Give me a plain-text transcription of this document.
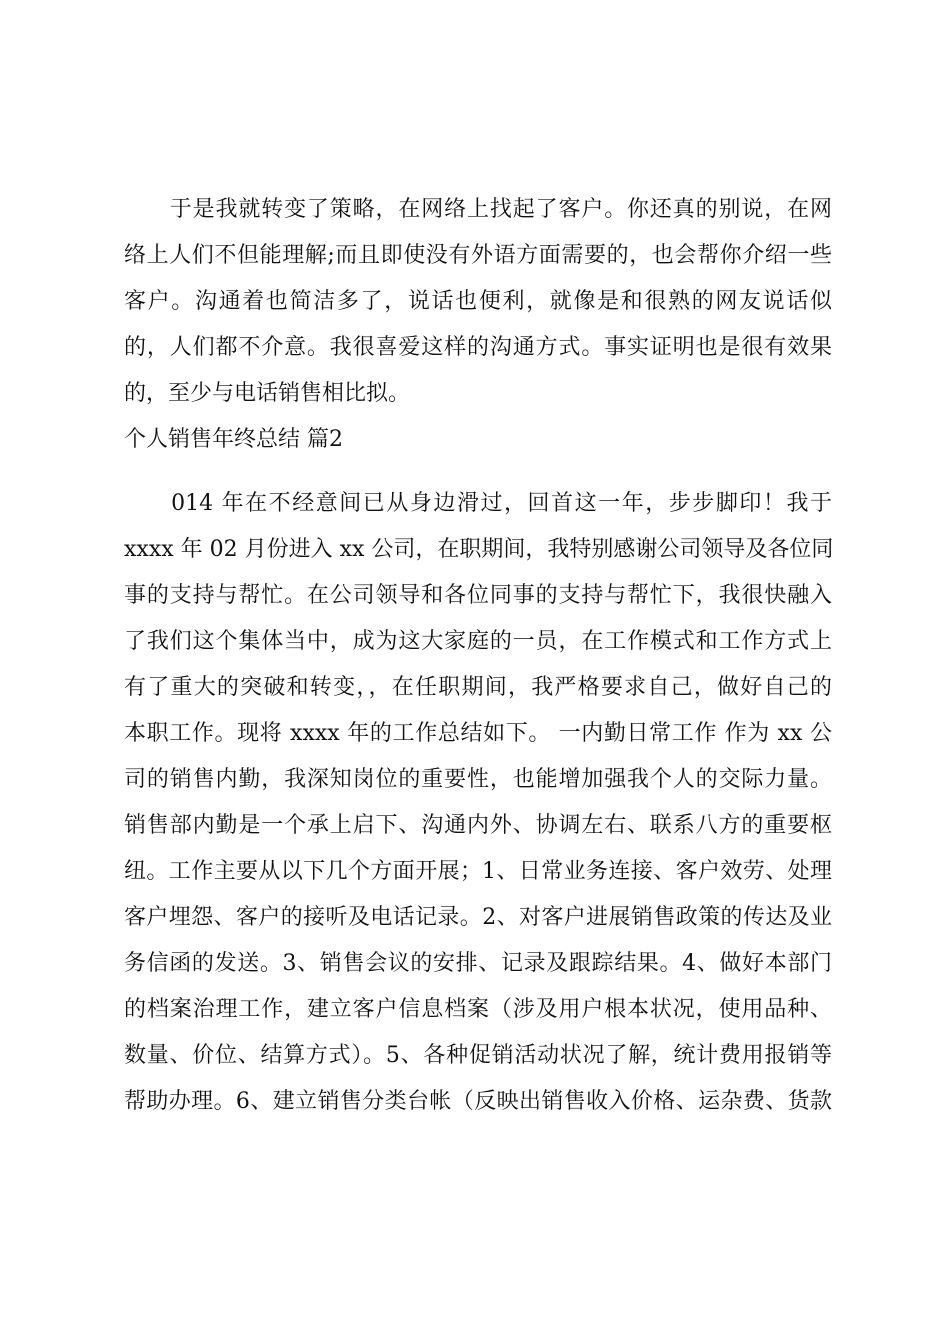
　　于是我就转变了策略，在网络上找起了客户。你还真的别说，在网
络上人们不但能理解;而且即使没有外语方面需要的，也会帮你介绍一些
客户。沟通着也简洁多了，说话也便利，就像是和很熟的网友说话似
的，人们都不介意。我很喜爱这样的沟通方式。事实证明也是很有效果
的，至少与电话销售相比拟。
个人销售年终总结 篇2
　　014 年在不经意间已从身边滑过，回首这一年，步步脚印！我于
xxxx 年 02 月份进入 xx 公司，在职期间，我特别感谢公司领导及各位同
事的支持与帮忙。在公司领导和各位同事的支持与帮忙下，我很快融入
了我们这个集体当中，成为这大家庭的一员，在工作模式和工作方式上
有了重大的突破和转变，，在任职期间，我严格要求自己，做好自己的
本职工作。现将 xxxx 年的工作总结如下。 一内勤日常工作 作为 xx 公
司的销售内勤，我深知岗位的重要性，也能增加强我个人的交际力量。
销售部内勤是一个承上启下、沟通内外、协调左右、联系八方的重要枢
纽。工作主要从以下几个方面开展；1、日常业务连接、客户效劳、处理
客户埋怨、客户的接听及电话记录。2、对客户进展销售政策的传达及业
务信函的发送。3、销售会议的安排、记录及跟踪结果。4、做好本部门
的档案治理工作，建立客户信息档案（涉及用户根本状况，使用品种、
数量、价位、结算方式）。5、各种促销活动状况了解，统计费用报销等
帮助办理。6、建立销售分类台帐（反映出销售收入价格、运杂费、货款
